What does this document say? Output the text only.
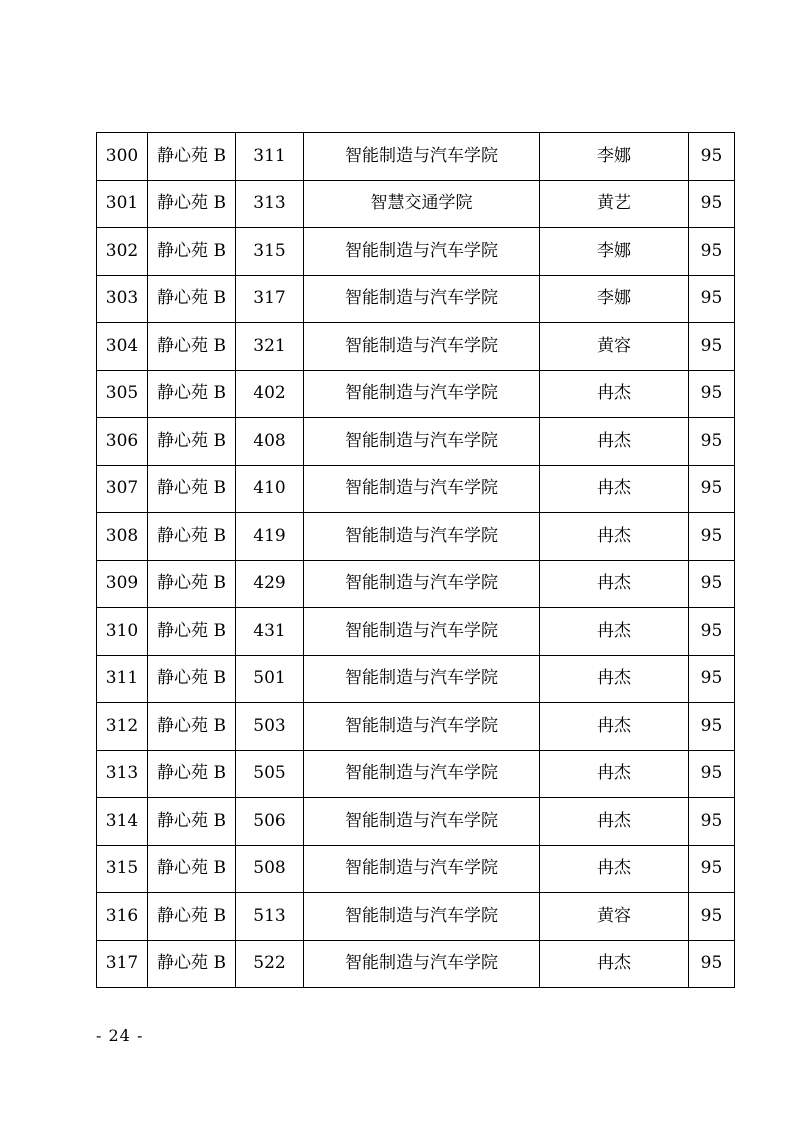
300	静心苑 B	311	智能制造与汽车学院	李娜	95
301	静心苑 B	313	智慧交通学院	黄艺	95
302	静心苑 B	315	智能制造与汽车学院	李娜	95
303	静心苑 B	317	智能制造与汽车学院	李娜	95
304	静心苑 B	321	智能制造与汽车学院	黄容	95
305	静心苑 B	402	智能制造与汽车学院	冉杰	95
306	静心苑 B	408	智能制造与汽车学院	冉杰	95
307	静心苑 B	410	智能制造与汽车学院	冉杰	95
308	静心苑 B	419	智能制造与汽车学院	冉杰	95
309	静心苑 B	429	智能制造与汽车学院	冉杰	95
310	静心苑 B	431	智能制造与汽车学院	冉杰	95
311	静心苑 B	501	智能制造与汽车学院	冉杰	95
312	静心苑 B	503	智能制造与汽车学院	冉杰	95
313	静心苑 B	505	智能制造与汽车学院	冉杰	95
314	静心苑 B	506	智能制造与汽车学院	冉杰	95
315	静心苑 B	508	智能制造与汽车学院	冉杰	95
316	静心苑 B	513	智能制造与汽车学院	黄容	95
317	静心苑 B	522	智能制造与汽车学院	冉杰	95
- 24 -
